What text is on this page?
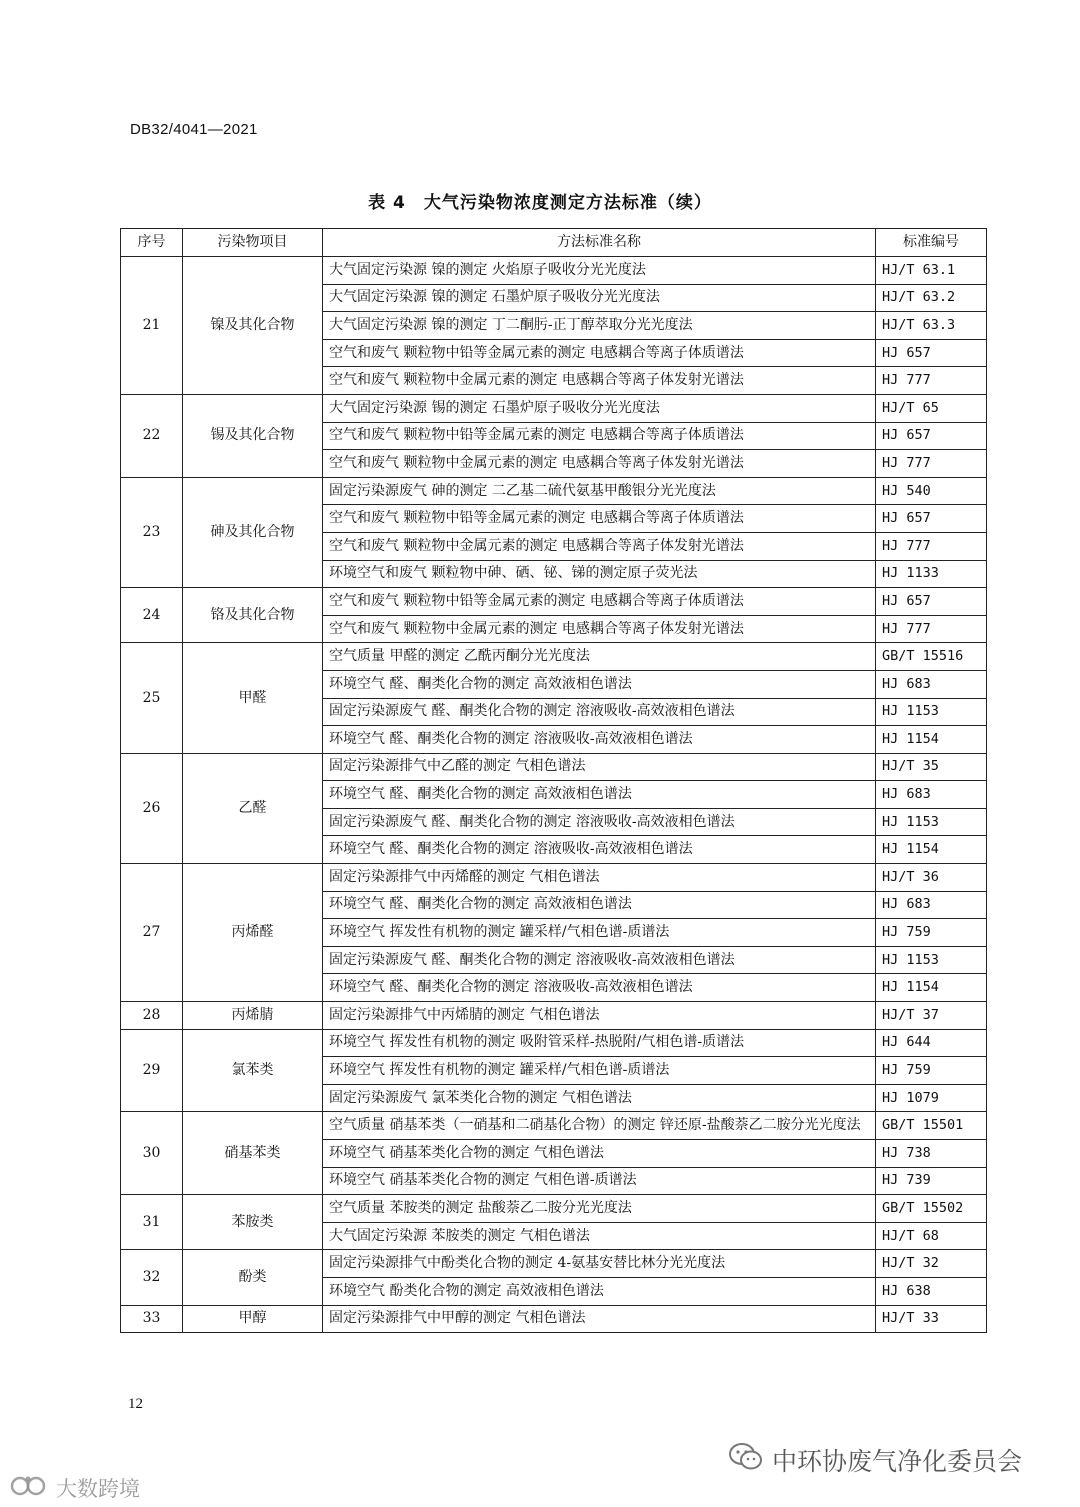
DB32/4041—2021
表 4　大气污染物浓度测定方法标准（续）
序号	污染物项目	方法标准名称	标准编号
21	镍及其化合物	大气固定污染源 镍的测定 火焰原子吸收分光光度法	HJ/T 63.1
		大气固定污染源 镍的测定 石墨炉原子吸收分光光度法	HJ/T 63.2
		大气固定污染源 镍的测定 丁二酮肟-正丁醇萃取分光光度法	HJ/T 63.3
		空气和废气 颗粒物中铅等金属元素的测定 电感耦合等离子体质谱法	HJ 657
		空气和废气 颗粒物中金属元素的测定 电感耦合等离子体发射光谱法	HJ 777
22	锡及其化合物	大气固定污染源 锡的测定 石墨炉原子吸收分光光度法	HJ/T 65
		空气和废气 颗粒物中铅等金属元素的测定 电感耦合等离子体质谱法	HJ 657
		空气和废气 颗粒物中金属元素的测定 电感耦合等离子体发射光谱法	HJ 777
23	砷及其化合物	固定污染源废气 砷的测定 二乙基二硫代氨基甲酸银分光光度法	HJ 540
		空气和废气 颗粒物中铅等金属元素的测定 电感耦合等离子体质谱法	HJ 657
		空气和废气 颗粒物中金属元素的测定 电感耦合等离子体发射光谱法	HJ 777
		环境空气和废气 颗粒物中砷、硒、铋、锑的测定原子荧光法	HJ 1133
24	铬及其化合物	空气和废气 颗粒物中铅等金属元素的测定 电感耦合等离子体质谱法	HJ 657
		空气和废气 颗粒物中金属元素的测定 电感耦合等离子体发射光谱法	HJ 777
25	甲醛	空气质量 甲醛的测定 乙酰丙酮分光光度法	GB/T 15516
		环境空气 醛、酮类化合物的测定 高效液相色谱法	HJ 683
		固定污染源废气 醛、酮类化合物的测定 溶液吸收-高效液相色谱法	HJ 1153
		环境空气 醛、酮类化合物的测定 溶液吸收-高效液相色谱法	HJ 1154
26	乙醛	固定污染源排气中乙醛的测定 气相色谱法	HJ/T 35
		环境空气 醛、酮类化合物的测定 高效液相色谱法	HJ 683
		固定污染源废气 醛、酮类化合物的测定 溶液吸收-高效液相色谱法	HJ 1153
		环境空气 醛、酮类化合物的测定 溶液吸收-高效液相色谱法	HJ 1154
27	丙烯醛	固定污染源排气中丙烯醛的测定 气相色谱法	HJ/T 36
		环境空气 醛、酮类化合物的测定 高效液相色谱法	HJ 683
		环境空气 挥发性有机物的测定 罐采样/气相色谱-质谱法	HJ 759
		固定污染源废气 醛、酮类化合物的测定 溶液吸收-高效液相色谱法	HJ 1153
		环境空气 醛、酮类化合物的测定 溶液吸收-高效液相色谱法	HJ 1154
28	丙烯腈	固定污染源排气中丙烯腈的测定 气相色谱法	HJ/T 37
29	氯苯类	环境空气 挥发性有机物的测定 吸附管采样-热脱附/气相色谱-质谱法	HJ 644
		环境空气 挥发性有机物的测定 罐采样/气相色谱-质谱法	HJ 759
		固定污染源废气 氯苯类化合物的测定 气相色谱法	HJ 1079
30	硝基苯类	空气质量 硝基苯类（一硝基和二硝基化合物）的测定 锌还原-盐酸萘乙二胺分光光度法	GB/T 15501
		环境空气 硝基苯类化合物的测定 气相色谱法	HJ 738
		环境空气 硝基苯类化合物的测定 气相色谱-质谱法	HJ 739
31	苯胺类	空气质量 苯胺类的测定 盐酸萘乙二胺分光光度法	GB/T 15502
		大气固定污染源 苯胺类的测定 气相色谱法	HJ/T 68
32	酚类	固定污染源排气中酚类化合物的测定 4-氨基安替比林分光光度法	HJ/T 32
		环境空气 酚类化合物的测定 高效液相色谱法	HJ 638
33	甲醇	固定污染源排气中甲醇的测定 气相色谱法	HJ/T 33
12
中环协废气净化委员会
大数跨境
